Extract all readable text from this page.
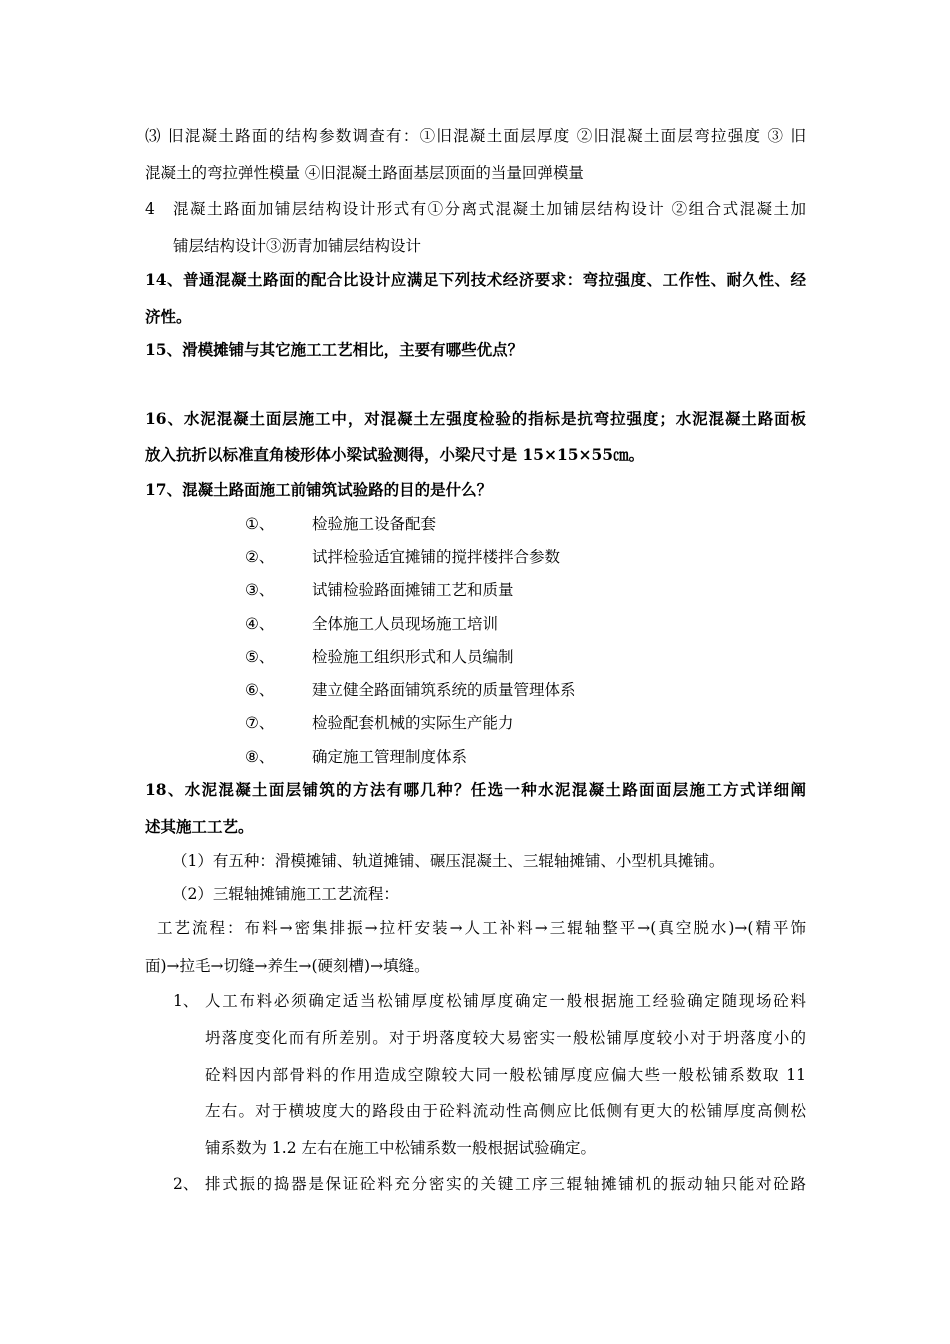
⑶ 旧混凝土路面的结构参数调查有：①旧混凝土面层厚度 ②旧混凝土面层弯拉强度 ③ 旧
混凝土的弯拉弹性模量 ④旧混凝土路面基层顶面的当量回弹模量
4 混凝土路面加铺层结构设计形式有①分离式混凝土加铺层结构设计 ②组合式混凝土加
铺层结构设计③沥青加铺层结构设计
14、普通混凝土路面的配合比设计应满足下列技术经济要求：弯拉强度、工作性、耐久性、经
济性。
15、滑模摊铺与其它施工工艺相比，主要有哪些优点？
16、水泥混凝土面层施工中，对混凝土左强度检验的指标是抗弯拉强度；水泥混凝土路面板
放入抗折以标准直角棱形体小梁试验测得，小梁尺寸是 15×15×55㎝。
17、混凝土路面施工前铺筑试验路的目的是什么？
①、 检验施工设备配套
②、 试拌检验适宜摊铺的搅拌楼拌合参数
③、 试铺检验路面摊铺工艺和质量
④、 全体施工人员现场施工培训
⑤、 检验施工组织形式和人员编制
⑥、 建立健全路面铺筑系统的质量管理体系
⑦、 检验配套机械的实际生产能力
⑧、 确定施工管理制度体系
18、水泥混凝土面层铺筑的方法有哪几种？任选一种水泥混凝土路面面层施工方式详细阐
述其施工工艺。
（1）有五种：滑模摊铺、轨道摊铺、碾压混凝土、三辊轴摊铺、小型机具摊铺。
（2）三辊轴摊铺施工工艺流程：
工艺流程：布料→密集排振→拉杆安装→人工补料→三辊轴整平→(真空脱水)→(精平饰
面)→拉毛→切缝→养生→(硬刻槽)→填缝。
1、 人工布料必须确定适当松铺厚度松铺厚度确定一般根据施工经验确定随现场砼料
坍落度变化而有所差别。对于坍落度较大易密实一般松铺厚度较小对于坍落度小的
砼料因内部骨料的作用造成空隙较大同一般松铺厚度应偏大些一般松铺系数取 11
左右。对于横坡度大的路段由于砼料流动性高侧应比低侧有更大的松铺厚度高侧松
铺系数为 1.2 左右在施工中松铺系数一般根据试验确定。
2、 排式振的捣器是保证砼料充分密实的关键工序三辊轴摊铺机的振动轴只能对砼路
